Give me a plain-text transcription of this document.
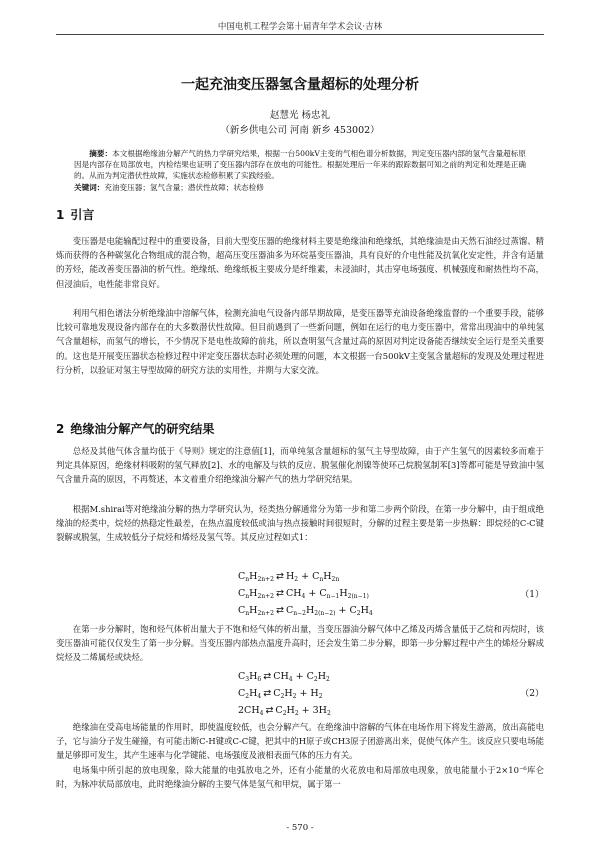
中国电机工程学会第十届青年学术会议·吉林
一起充油变压器氢含量超标的处理分析
赵慧光 杨忠礼
（新乡供电公司 河南 新乡 453002）
摘要：本文根据绝缘油分解产气的热力学研究结果，根据一台500kV主变的气相色谱分析数据，判定变压器内部的氢气含量超标原因是内部存在局部放电，内检结果也证明了变压器内部存在放电的可能性。根据处理后一年来的跟踪数据可知之前的判定和处理是正确的。从而为判定潜伏性故障，实施状态检修积累了实践经验。
关键词：充油变压器；氢气含量；潜伏性故障；状态检修
1 引言
变压器是电能输配过程中的重要设备，目前大型变压器的绝缘材料主要是绝缘油和绝缘纸，其绝缘油是由天然石油经过蒸馏、精炼而获得的各种碳氢化合物组成的混合物，超高压变压器油多为环烷基变压器油，具有良好的介电性能及抗氧化安定性，并含有适量的芳烃，能改善变压器油的析气性。绝缘纸、绝缘纸板主要成分是纤维素，未浸油时，其击穿电场强度、机械强度和耐热性均不高，但浸油后，电性能非常良好。
利用气相色谱法分析绝缘油中溶解气体，检测充油电气设备内部早期故障，是变压器等充油设备绝缘监督的一个重要手段，能够比较可靠地发现设备内部存在的大多数潜伏性故障。但目前遇到了一些新问题，例如在运行的电力变压器中，常常出现油中的单纯氢气含量超标，而氢气的增长，不少情况下是电性故障的前兆，所以查明氢气含量过高的原因对判定设备能否继续安全运行是至关重要的。这也是开展变压器状态检修过程中评定变压器状态时必须处理的问题，本文根据一台500kV主变氢含量超标的发现及处理过程进行分析，以验证对氢主导型故障的研究方法的实用性，并期与大家交流。
2 绝缘油分解产气的研究结果
总烃及其他气体含量均低于《导则》规定的注意值[1]，而单纯氢含量超标的氢气主导型故障，由于产生氢气的因素较多而难于判定具体原因，绝缘材料吸附的氢气释放[2]、水的电解及与铁的反应、脱氢催化剂镍等使环己烷脱氢制苯[3]等都可能是导致油中氢气含量升高的原因，不再赘述，本文着重介绍绝缘油分解产气的热力学研究结果。
根据M.shirai等对绝缘油分解的热力学研究认为，烃类热分解通常分为第一步和第二步两个阶段，在第一步分解中，由于组成绝缘油的烃类中，烷烃的热稳定性最差，在热点温度较低或油与热点接触时间很短时，分解的过程主要是第一步热解：即烷烃的C-C键裂解或脱氢，生成较低分子烷烃和烯烃及氢气等。其反应过程如式1：
$C_nH_{2n+2}$ ⇄ $H_2 + C_nH_{2n}$
$C_nH_{2n+2}$ ⇄ $CH_4 + C_{n-1}H_{2(n-1)}$
$C_nH_{2n+2}$ ⇄ $C_{n-2}H_{2(n-2)} + C_2H_4$
（1）
在第一步分解时，饱和烃气体析出量大于不饱和烃气体的析出量，当变压器油分解气体中乙烯及丙烯含量低于乙烷和丙烷时，该变压器油可能仅仅发生了第一步分解。当变压器内部热点温度升高时，还会发生第二步分解，即第一步分解过程中产生的烯烃分解成烷烃及二烯属烃或炔烃。
$C_3H_6$ ⇄ $CH_4 + C_2H_2$
$C_2H_4$ ⇄ $C_2H_2 + H_2$
$2CH_4$ ⇄ $C_2H_2 + 3H_2$
（2）
绝缘油在受高电场能量的作用时，即使温度较低，也会分解产气。在绝缘油中溶解的气体在电场作用下将发生游离，放出高能电子，它与油分子发生碰撞，有可能击断C-H键或C-C键，把其中的H原子或CH3原子团游离出来，促使气体产生。该反应只要电场能量足够即可发生，其产生速率与化学键能、电场强度及液相表面气体的压力有关。
电场集中所引起的放电现象，除大能量的电弧放电之外，还有小能量的火花放电和局部放电现象，放电能量小于2×10⁻⁶库仑时，为脉冲状局部放电，此时绝缘油分解的主要气体是氢气和甲烷，属于第一
- 570 -
